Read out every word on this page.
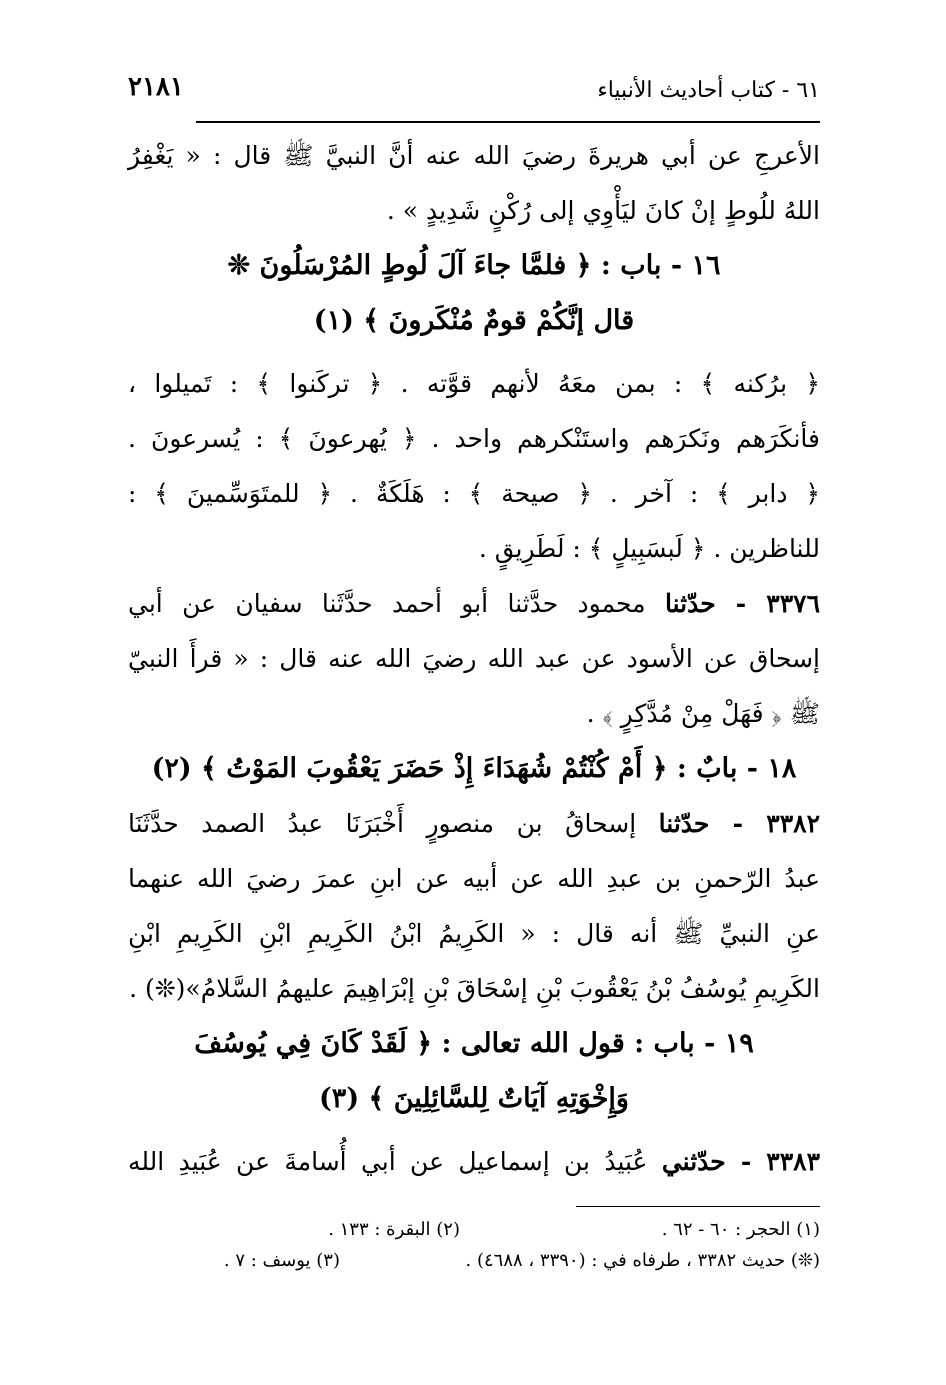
٢١٨١	٦١ - كتاب أحاديث الأنبياء
الأعرجِ عن أبي هريرةَ رضيَ الله عنه أنَّ النبيَّ ﷺ قال : « يَغْفِرُ
اللهُ للُوطٍ إنْ كانَ ليَأْوِي إلى رُكْنٍ شَدِيدٍ » .
١٦ - باب : ﴿ فلمَّا جاءَ آلَ لُوطٍ المُرْسَلُونَ ❊
قال إنَّكُمْ قومٌ مُنْكَرونَ ﴾ (١)
﴿ برُكنه ﴾ : بمن معَهُ لأنهم قوَّته . ﴿ تركَنوا ﴾ : تَميلوا ،
فأنكَرَهم ونَكرَهم واستَنْكرهم واحد . ﴿ يُهرعونَ ﴾ : يُسرعونَ .
﴿ دابر ﴾ : آخر . ﴿ صيحة ﴾ : هَلَكَةٌ . ﴿ للمتَوَسِّمينَ ﴾ :
للناظرين . ﴿ لَبسَبِيلٍ ﴾ : لَطَرِيقٍ .
٣٣٧٦ - حدّثنا محمود حدَّثنا أبو أحمد حدَّثَنا سفيان عن أبي
إسحاق عن الأسود عن عبد الله رضيَ الله عنه قال : « قرأَ النبيّ
ﷺ ﴿ فَهَلْ مِنْ مُدَّكِرٍ ﴾ .
١٨ - بابٌ : ﴿ أَمْ كُنْتُمْ شُهَدَاءَ إِذْ حَضَرَ يَعْقُوبَ المَوْتُ ﴾ (٢)
٣٣٨٢ - حدّثنا إسحاقُ بن منصورٍ أَخْبَرَنَا عبدُ الصمد حدَّثَنَا
عبدُ الرّحمنِ بن عبدِ الله عن أبيه عن ابنِ عمرَ رضيَ الله عنهما
عنِ النبيِّ ﷺ أنه قال : « الكَرِيمُ ابْنُ الكَرِيمِ ابْنِ الكَرِيمِ ابْنِ
الكَرِيمِ يُوسُفُ بْنُ يَعْقُوبَ بْنِ إسْحَاقَ بْنِ إبْرَاهِيمَ عليهمُ السَّلامُ»(❊) .
١٩ - باب : قول الله تعالى : ﴿ لَقَدْ كَانَ فِي يُوسُفَ
وَإِخْوَتِهِ آيَاتٌ لِلسَّائِلِينَ ﴾ (٣)
٣٣٨٣ - حدّثني عُبَيدُ بن إسماعيل عن أبي أُسامةَ عن عُبَيدِ الله
(١) الحجر : ٦٠ - ٦٢ .
(٢) البقرة : ١٣٣ .
(❊) حديث ٣٣٨٢ ، طرفاه في : (٣٣٩٠ ، ٤٦٨٨) .
(٣) يوسف : ٧ .
